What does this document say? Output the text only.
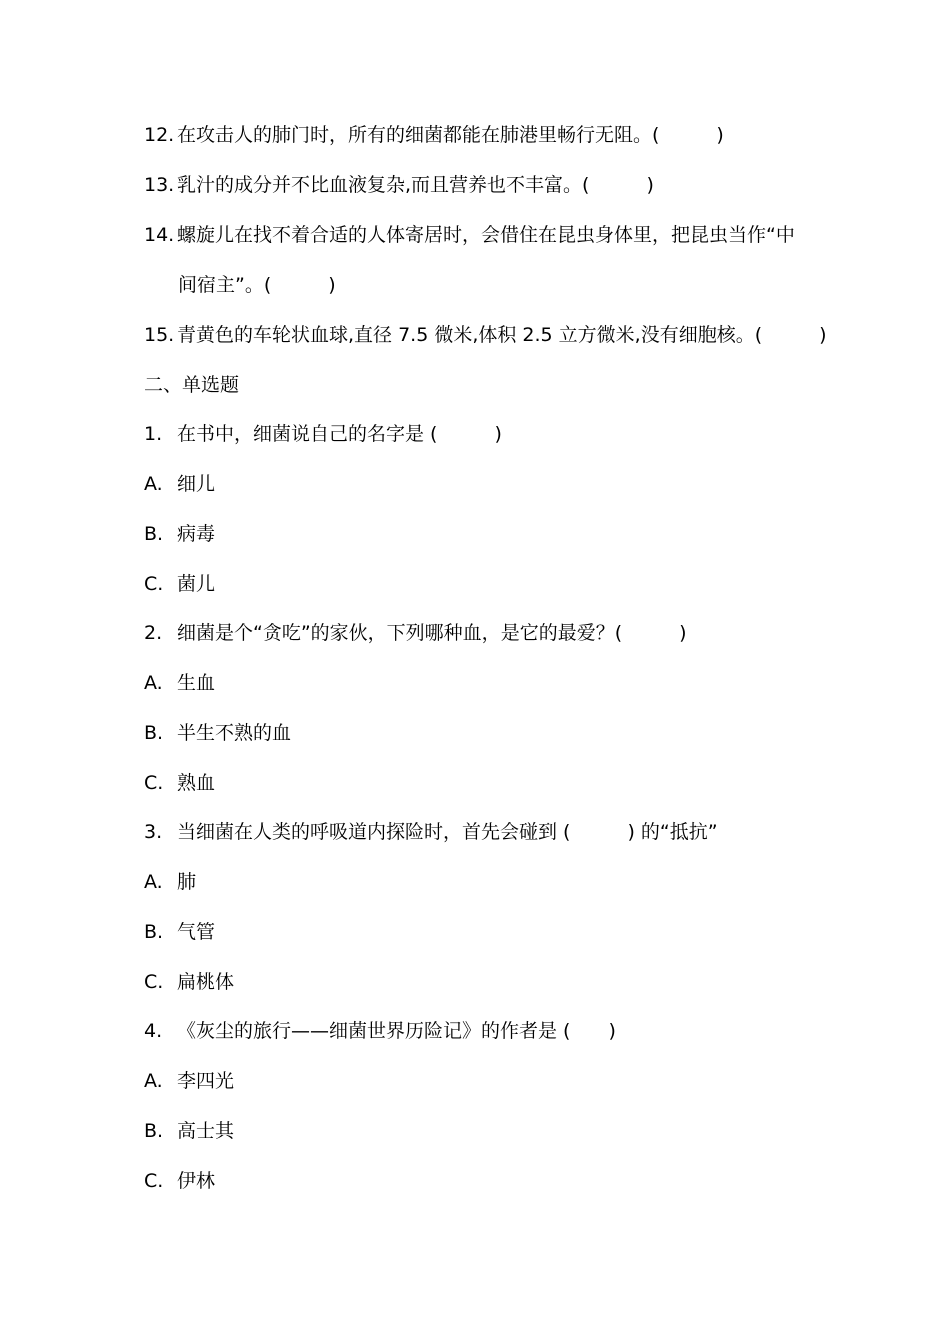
12. 在攻击人的肺门时，所有的细菌都能在肺港里畅行无阻。(　　　)
13. 乳汁的成分并不比血液复杂,而且营养也不丰富。(　　　)
14. 螺旋儿在找不着合适的人体寄居时，会借住在昆虫身体里，把昆虫当作“中
间宿主”。(　　　)
15. 青黄色的车轮状血球,直径 7.5 微米,体积 2.5 立方微米,没有细胞核。(　　　)
二、单选题
1. 在书中，细菌说自己的名字是 (　　　)
A. 细儿
B. 病毒
C. 菌儿
2. 细菌是个“贪吃”的家伙，下列哪种血，是它的最爱？(　　　)
A. 生血
B. 半生不熟的血
C. 熟血
3. 当细菌在人类的呼吸道内探险时，首先会碰到 (　　　) 的“抵抗”
A. 肺
B. 气管
C. 扁桃体
4. 《灰尘的旅行——细菌世界历险记》的作者是 (　　)
A. 李四光
B. 高士其
C. 伊林
